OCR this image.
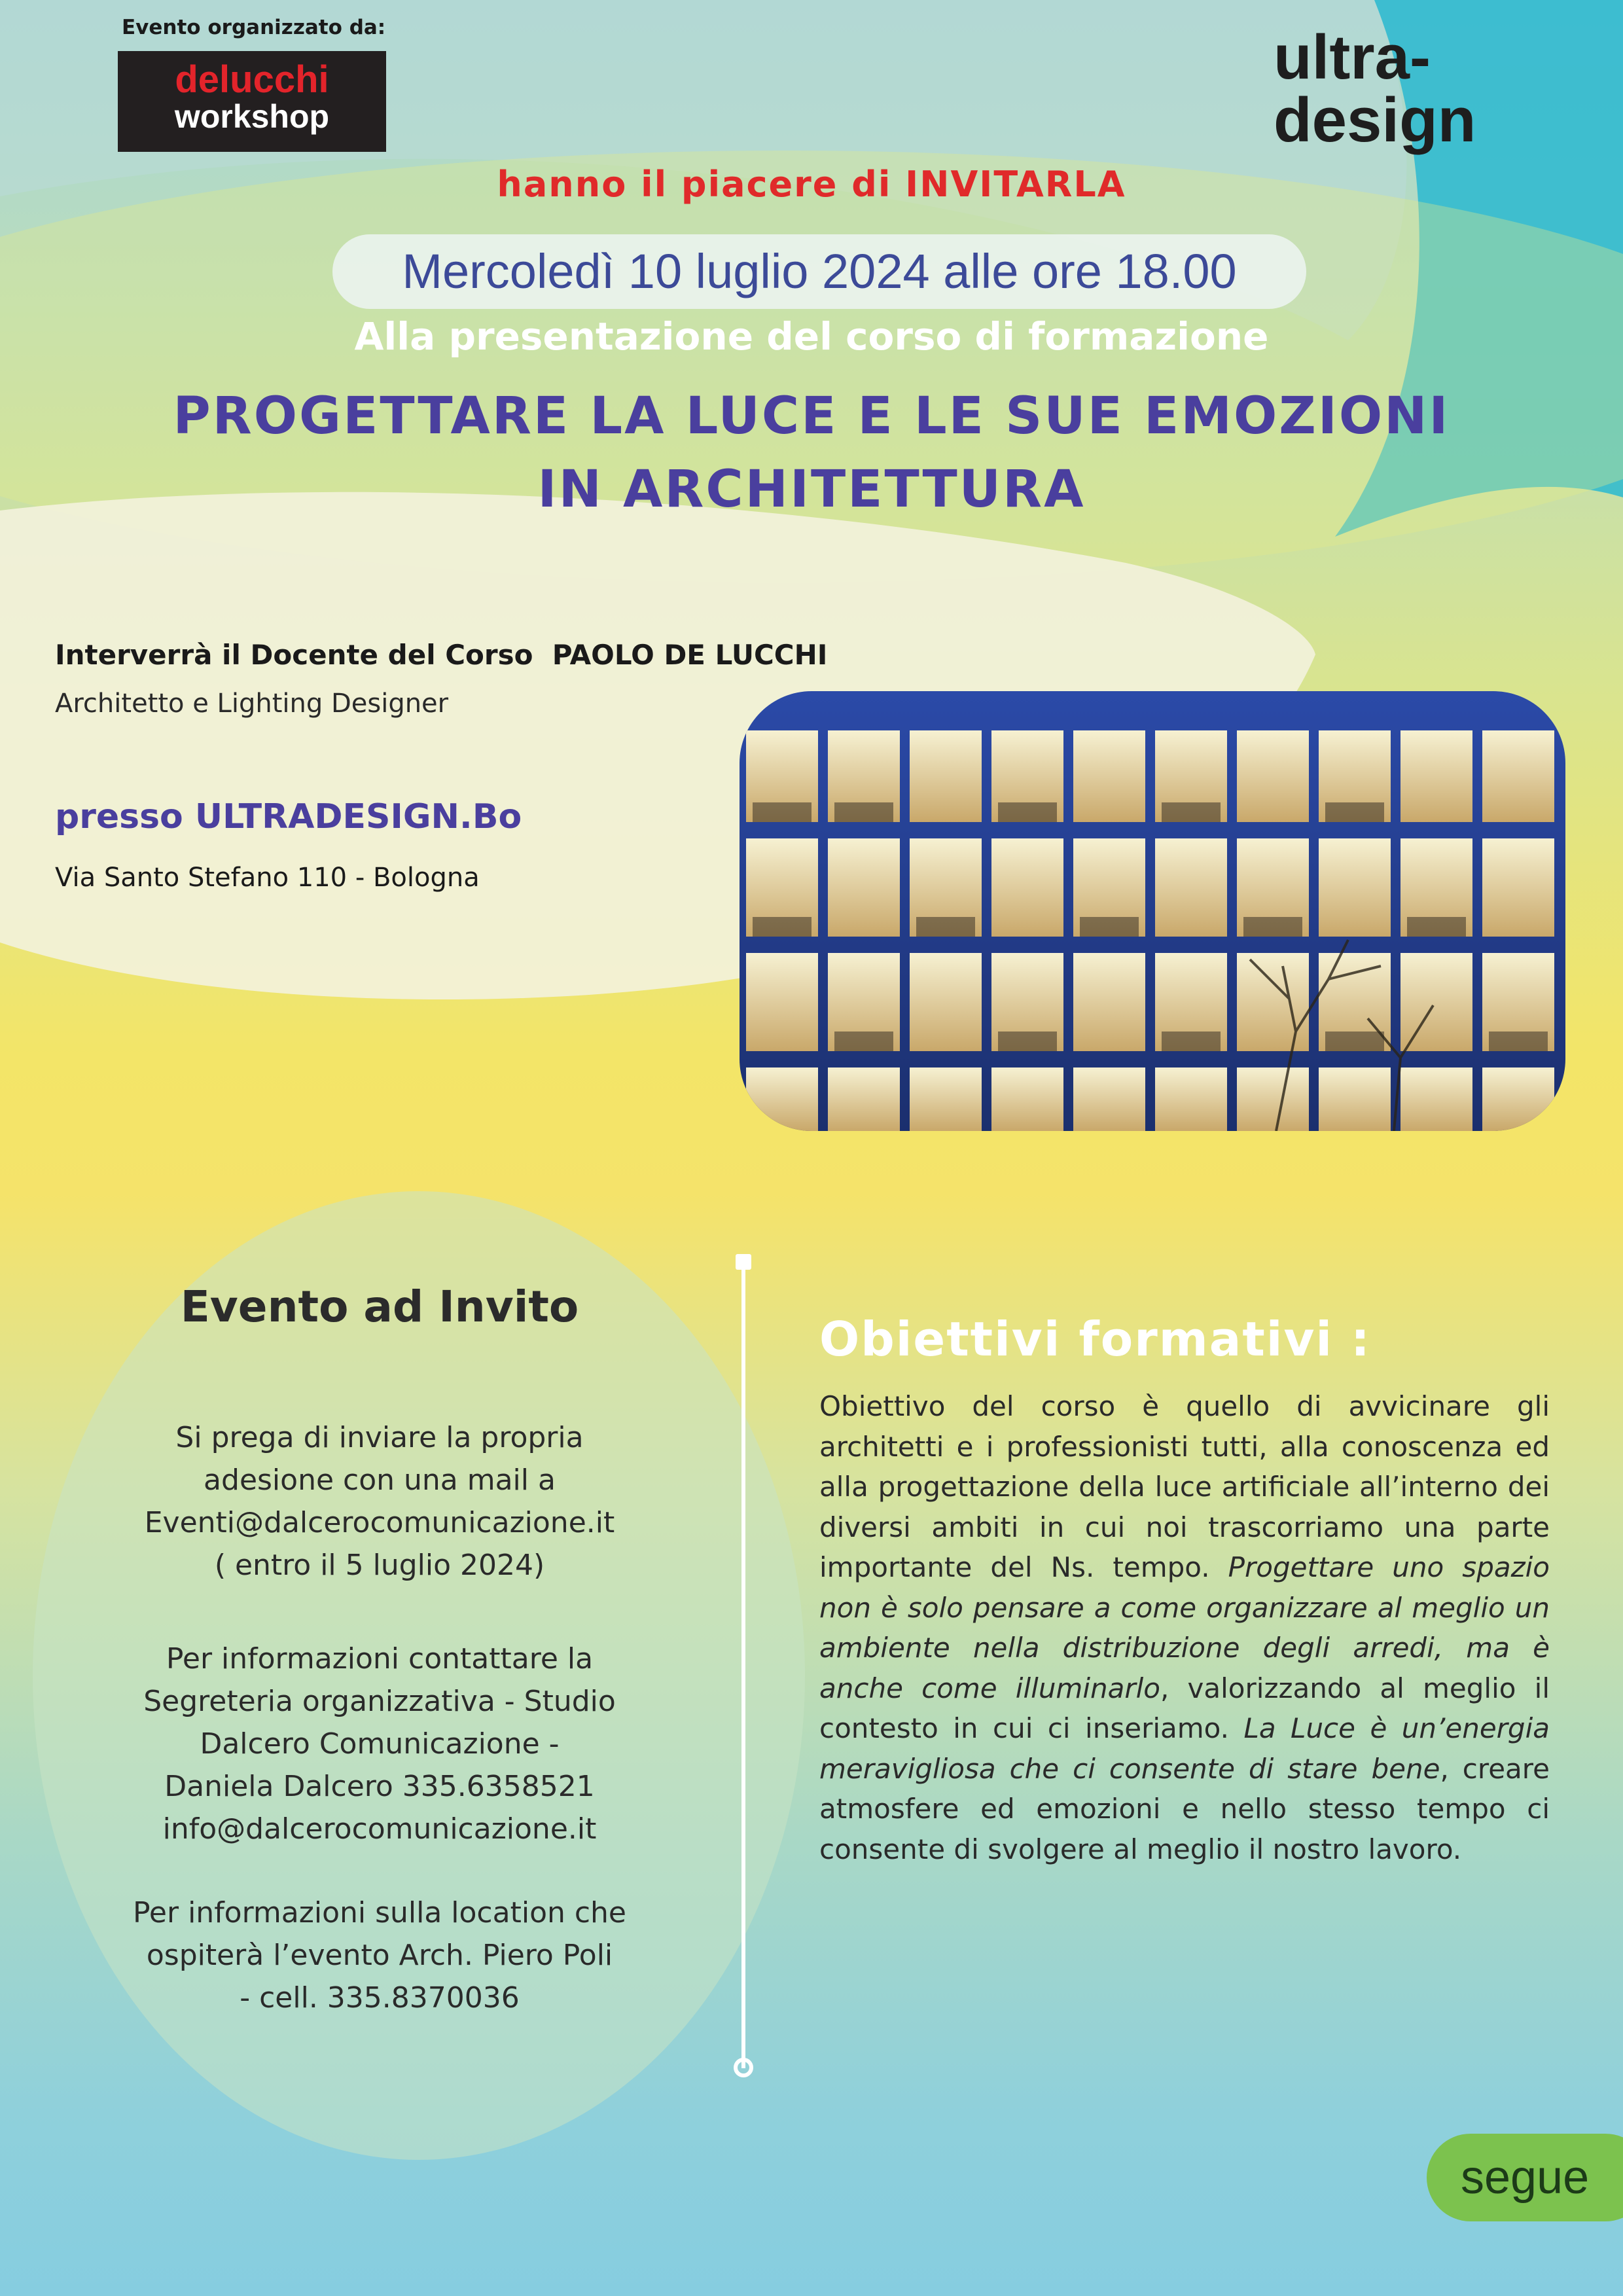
Evento organizzato da:
delucchi
workshop
ultra-
design
hanno il piacere di INVITARLA
Mercoledì 10 luglio 2024 alle ore 18.00
Alla presentazione del corso di formazione
PROGETTARE LA LUCE E LE SUE EMOZIONI
IN ARCHITETTURA
Interverrà il Docente del Corso  PAOLO DE LUCCHI
Architetto e Lighting Designer
presso ULTRADESIGN.Bo
Via Santo Stefano 110 - Bologna
Evento ad Invito
Si prega di inviare la propria
adesione con una mail a
Eventi@dalcerocomunicazione.it
( entro il 5 luglio 2024)
Per informazioni contattare la
Segreteria organizzativa - Studio
Dalcero Comunicazione -
Daniela Dalcero 335.6358521
info@dalcerocomunicazione.it
Per informazioni sulla location che
ospiterà l’evento Arch. Piero Poli
- cell. 335.8370036
Obiettivi formativi :
Obiettivo del corso è quello di avvicinare gli architetti e i professionisti tutti, alla conoscenza ed alla progettazione della luce artificiale all’interno dei diversi ambiti in cui noi trascorriamo una parte importante del Ns. tempo. Progettare uno spazio non è solo pensare a come organizzare al meglio un ambiente nella distribuzione degli arredi, ma è anche come illuminarlo, valorizzando al meglio il contesto in cui ci inseriamo. La Luce è un’energia meravigliosa che ci consente di stare bene, creare atmosfere ed emozioni e nello stesso tempo ci consente di svolgere al meglio il nostro lavoro.
segue
